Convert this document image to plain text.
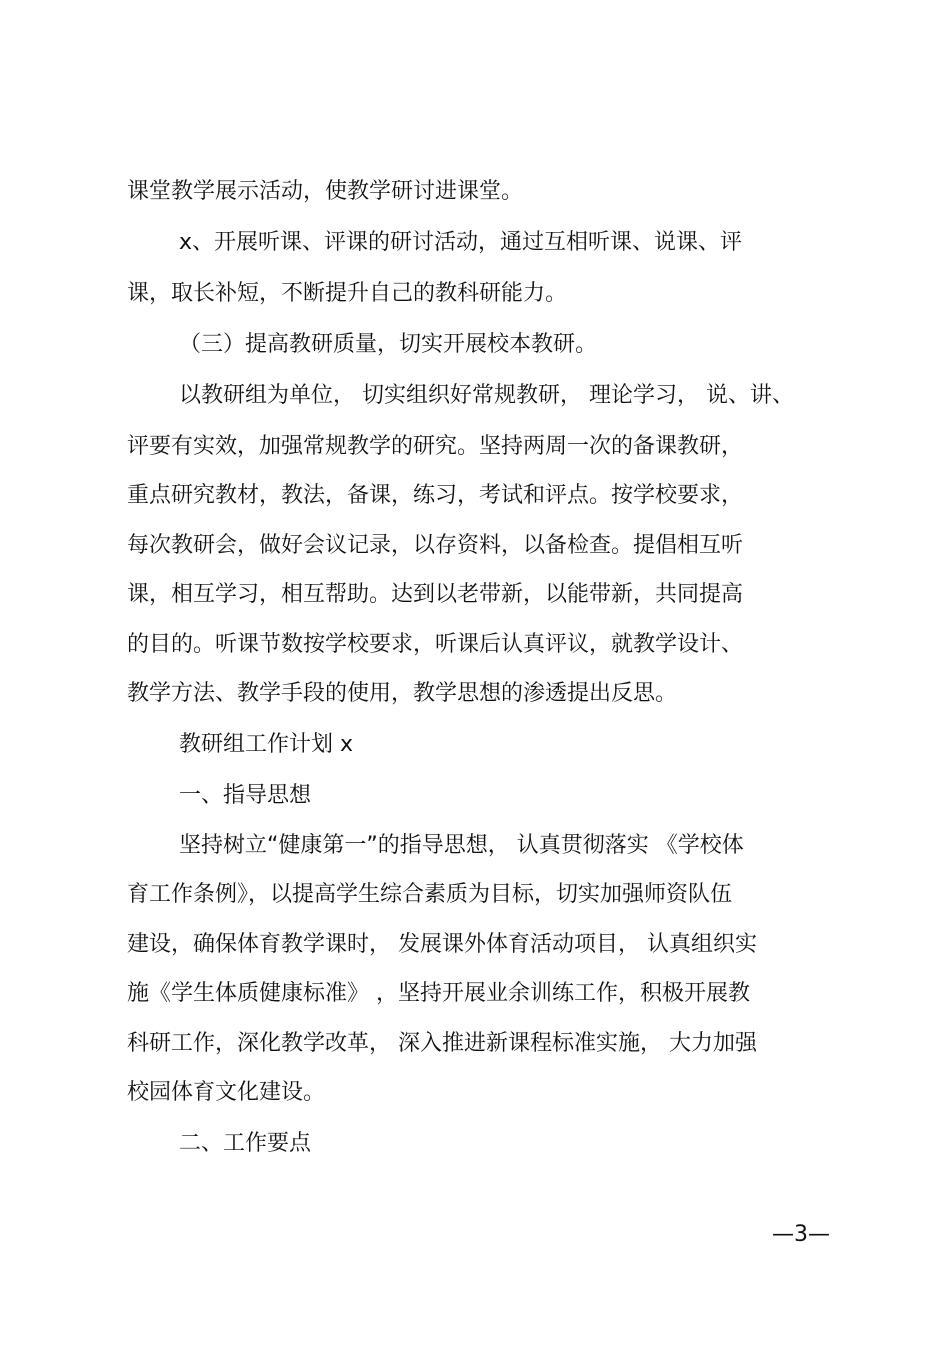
课堂教学展示活动，使教学研讨进课堂。
x、开展听课、评课的研讨活动，通过互相听课、说课、评
课，取长补短，不断提升自己的教科研能力。
（三）提高教研质量，切实开展校本教研。
以教研组为单位， 切实组织好常规教研， 理论学习， 说、讲、
评要有实效，加强常规教学的研究。坚持两周一次的备课教研，
重点研究教材，教法，备课，练习，考试和评点。按学校要求，
每次教研会，做好会议记录，以存资料，以备检查。提倡相互听
课，相互学习，相互帮助。达到以老带新，以能带新，共同提高
的目的。听课节数按学校要求，听课后认真评议，就教学设计、
教学方法、教学手段的使用，教学思想的渗透提出反思。
教研组工作计划 x
一、指导思想
坚持树立“健康第一”的指导思想， 认真贯彻落实 《学校体
育工作条例》，以提高学生综合素质为目标，切实加强师资队伍
建设，确保体育教学课时， 发展课外体育活动项目， 认真组织实
施《学生体质健康标准》 ，坚持开展业余训练工作，积极开展教
科研工作，深化教学改革， 深入推进新课程标准实施， 大力加强
校园体育文化建设。
二、工作要点
—3—
